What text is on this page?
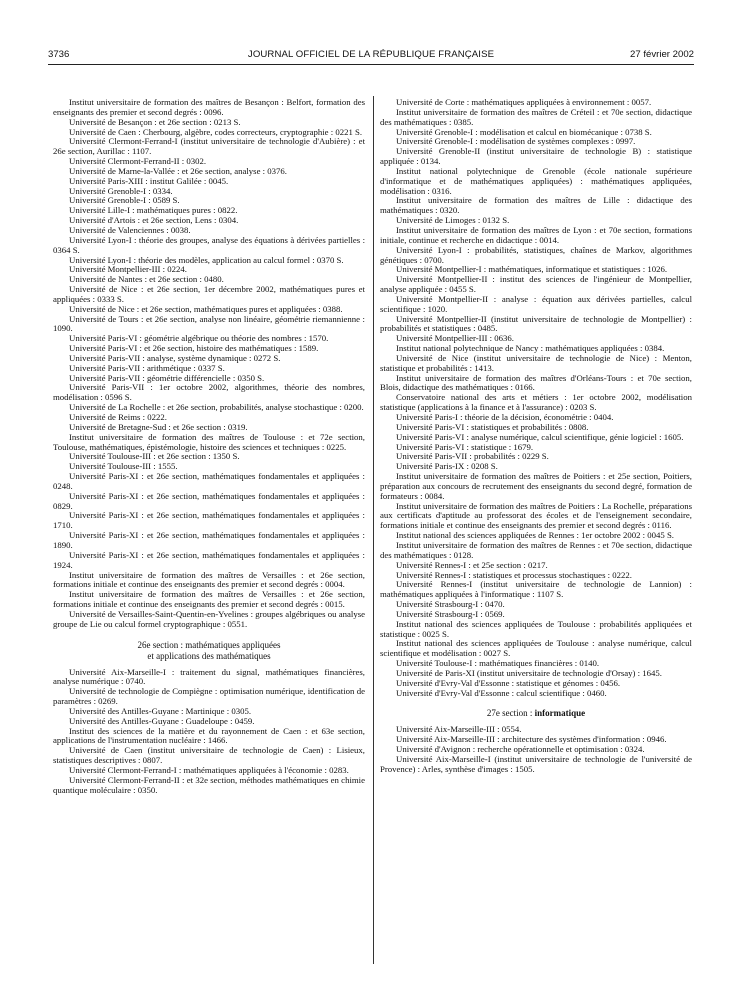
3736	JOURNAL OFFICIEL DE LA RÉPUBLIQUE FRANÇAISE	27 février 2002

Institut universitaire de formation des maîtres de Besançon : Belfort, formation des enseignants des premier et second degrés : 0096.

Université de Besançon : et 26e section : 0213 S.

Université de Caen : Cherbourg, algèbre, codes correcteurs, cryptographie : 0221 S.

Université Clermont-Ferrand-I (institut universitaire de technologie d'Aubière) : et 26e section, Aurillac : 1107.

Université Clermont-Ferrand-II : 0302.

Université de Marne-la-Vallée : et 26e section, analyse : 0376.

Université Paris-XIII : institut Galilée : 0045.

Université Grenoble-I : 0334.

Université Grenoble-I : 0589 S.

Université Lille-I : mathématiques pures : 0822.

Université d'Artois : et 26e section, Lens : 0304.

Université de Valenciennes : 0038.

Université Lyon-I : théorie des groupes, analyse des équations à dérivées partielles : 0364 S.

Université Lyon-I : théorie des modèles, application au calcul formel : 0370 S.

Université Montpellier-III : 0224.

Université de Nantes : et 26e section : 0480.

Université de Nice : et 26e section, 1er décembre 2002, mathématiques pures et appliquées : 0333 S.

Université de Nice : et 26e section, mathématiques pures et appliquées : 0388.

Université de Tours : et 26e section, analyse non linéaire, géométrie riemannienne : 1090.

Université Paris-VI : géométrie algébrique ou théorie des nombres : 1570.

Université Paris-VI : et 26e section, histoire des mathématiques : 1589.

Université Paris-VII : analyse, système dynamique : 0272 S.

Université Paris-VII : arithmétique : 0337 S.

Université Paris-VII : géométrie différencielle : 0350 S.

Université Paris-VII : 1er octobre 2002, algorithmes, théorie des nombres, modélisation : 0596 S.

Université de La Rochelle : et 26e section, probabilités, analyse stochastique : 0200.

Université de Reims : 0222.

Université de Bretagne-Sud : et 26e section : 0319.

Institut universitaire de formation des maîtres de Toulouse : et 72e section, Toulouse, mathématiques, épistémologie, histoire des sciences et techniques : 0225.

Université Toulouse-III : et 26e section : 1350 S.

Université Toulouse-III : 1555.

Université Paris-XI : et 26e section, mathématiques fondamentales et appliquées : 0248.

Université Paris-XI : et 26e section, mathématiques fondamentales et appliquées : 0829.

Université Paris-XI : et 26e section, mathématiques fondamentales et appliquées : 1710.

Université Paris-XI : et 26e section, mathématiques fondamentales et appliquées : 1890.

Université Paris-XI : et 26e section, mathématiques fondamentales et appliquées : 1924.

Institut universitaire de formation des maîtres de Versailles : et 26e section, formations initiale et continue des enseignants des premier et second degrés : 0004.

Institut universitaire de formation des maîtres de Versailles : et 26e section, formations initiale et continue des enseignants des premier et second degrés : 0015.

Université de Versailles-Saint-Quentin-en-Yvelines : groupes algébriques ou analyse groupe de Lie ou calcul formel cryptographique : 0551.

26e section : mathématiques appliquées
et applications des mathématiques

Université Aix-Marseille-I : traitement du signal, mathématiques financières, analyse numérique : 0740.

Université de technologie de Compiègne : optimisation numérique, identification de paramètres : 0269.

Université des Antilles-Guyane : Martinique : 0305.

Université des Antilles-Guyane : Guadeloupe : 0459.

Institut des sciences de la matière et du rayonnement de Caen : et 63e section, applications de l'instrumentation nucléaire : 1466.

Université de Caen (institut universitaire de technologie de Caen) : Lisieux, statistiques descriptives : 0807.

Université Clermont-Ferrand-I : mathématiques appliquées à l'économie : 0283.

Université Clermont-Ferrand-II : et 32e section, méthodes mathématiques en chimie quantique moléculaire : 0350.

Université de Corte : mathématiques appliquées à environnement : 0057.

Institut universitaire de formation des maîtres de Créteil : et 70e section, didactique des mathématiques : 0385.

Université Grenoble-I : modélisation et calcul en biomécanique : 0738 S.

Université Grenoble-I : modélisation de systèmes complexes : 0997.

Université Grenoble-II (institut universitaire de technologie B) : statistique appliquée : 0134.

Institut national polytechnique de Grenoble (école nationale supérieure d'informatique et de mathématiques appliquées) : mathématiques appliquées, modélisation : 0316.

Institut universitaire de formation des maîtres de Lille : didactique des mathématiques : 0320.

Université de Limoges : 0132 S.

Institut universitaire de formation des maîtres de Lyon : et 70e section, formations initiale, continue et recherche en didactique : 0014.

Université Lyon-I : probabilités, statistiques, chaînes de Markov, algorithmes génétiques : 0700.

Université Montpellier-I : mathématiques, informatique et statistiques : 1026.

Université Montpellier-II : institut des sciences de l'ingénieur de Montpellier, analyse appliquée : 0455 S.

Université Montpellier-II : analyse : équation aux dérivées partielles, calcul scientifique : 1020.

Université Montpellier-II (institut universitaire de technologie de Montpellier) : probabilités et statistiques : 0485.

Université Montpellier-III : 0636.

Institut national polytechnique de Nancy : mathématiques appliquées : 0384.

Université de Nice (institut universitaire de technologie de Nice) : Menton, statistique et probabilités : 1413.

Institut universitaire de formation des maîtres d'Orléans-Tours : et 70e section, Blois, didactique des mathématiques : 0166.

Conservatoire national des arts et métiers : 1er octobre 2002, modélisation statistique (applications à la finance et à l'assurance) : 0203 S.

Université Paris-I : théorie de la décision, économétrie : 0404.

Université Paris-VI : statistiques et probabilités : 0808.

Université Paris-VI : analyse numérique, calcul scientifique, génie logiciel : 1605.

Université Paris-VI : statistique : 1679.

Université Paris-VII : probabilités : 0229 S.

Université Paris-IX : 0208 S.

Institut universitaire de formation des maîtres de Poitiers : et 25e section, Poitiers, préparation aux concours de recrutement des enseignants du second degré, formation de formateurs : 0084.

Institut universitaire de formation des maîtres de Poitiers : La Rochelle, préparations aux certificats d'aptitude au professorat des écoles et de l'enseignement secondaire, formations initiale et continue des enseignants des premier et second degrés : 0116.

Institut national des sciences appliquées de Rennes : 1er octobre 2002 : 0045 S.

Institut universitaire de formation des maîtres de Rennes : et 70e section, didactique des mathématiques : 0128.

Université Rennes-I : et 25e section : 0217.

Université Rennes-I : statistiques et processus stochastiques : 0222.

Université Rennes-I (institut universitaire de technologie de Lannion) : mathématiques appliquées à l'informatique : 1107 S.

Université Strasbourg-I : 0470.

Université Strasbourg-I : 0569.

Institut national des sciences appliquées de Toulouse : probabilités appliquées et statistique : 0025 S.

Institut national des sciences appliquées de Toulouse : analyse numérique, calcul scientifique et modélisation : 0027 S.

Université Toulouse-I : mathématiques financières : 0140.

Université de Paris-XI (institut universitaire de technologie d'Orsay) : 1645.

Université d'Evry-Val d'Essonne : statistique et génomes : 0456.

Université d'Evry-Val d'Essonne : calcul scientifique : 0460.

27e section : informatique

Université Aix-Marseille-III : 0554.

Université Aix-Marseille-III : architecture des systèmes d'information : 0946.

Université d'Avignon : recherche opérationnelle et optimisation : 0324.

Université Aix-Marseille-I (institut universitaire de technologie de l'université de Provence) : Arles, synthèse d'images : 1505.
